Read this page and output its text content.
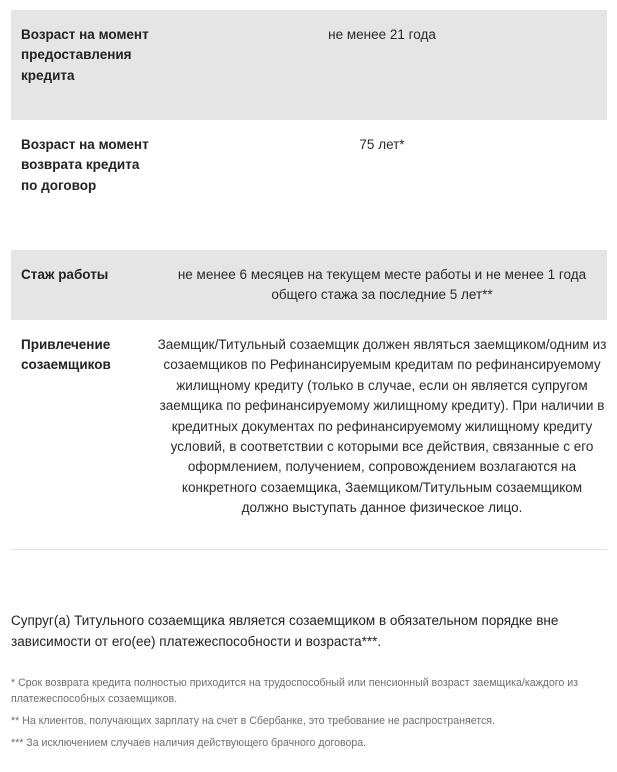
Возраст на момент предоставления кредита
не менее 21 года
Возраст на момент возврата кредита по договор
75 лет*
Стаж работы	не менее 6 месяцев на текущем месте работы и не менее 1 года общего стажа за последние 5 лет**
Привлечение созаемщиков
Заемщик/Титульный созаемщик должен являться заемщиком/одним из созаемщиков по Рефинансируемым кредитам по рефинансируемому жилищному кредиту (только в случае, если он является супругом заемщика по рефинансируемому жилищному кредиту). При наличии в кредитных документах по рефинансируемому жилищному кредиту условий, в соответствии с которыми все действия, связанные с его оформлением, получением, сопровождением возлагаются на конкретного созаемщика, Заемщиком/Титульным созаемщиком должно выступать данное физическое лицо.
Супруг(а) Титульного созаемщика является созаемщиком в обязательном порядке вне зависимости от его(ее) платежеспособности и возраста***.
* Срок возврата кредита полностью приходится на трудоспособный или пенсионный возраст заемщика/каждого из платежеспособных созаемщиков.
** На клиентов, получающих зарплату на счет в Сбербанке, это требование не распространяется.
*** За исключением случаев наличия действующего брачного договора.
